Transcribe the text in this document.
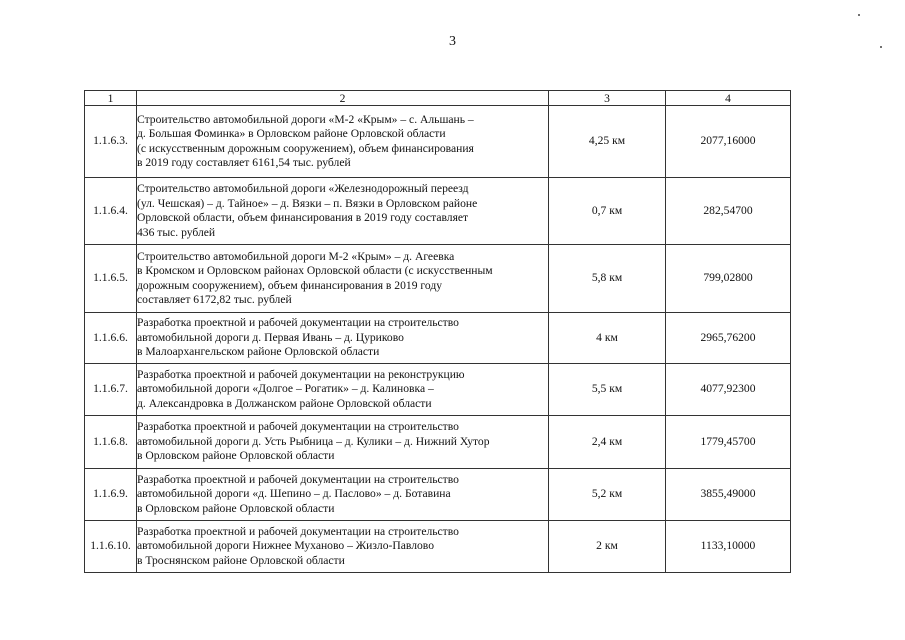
3
1	2	3	4
1.1.6.3.	Строительство автомобильной дороги «М-2 «Крым» – с. Альшань –
д. Большая Фоминка» в Орловском районе Орловской области
(с искусственным дорожным сооружением), объем финансирования
в 2019 году составляет 6161,54 тыс. рублей	4,25 км	2077,16000
1.1.6.4.	Строительство автомобильной дороги «Железнодорожный переезд
(ул. Чешская) – д. Тайное» – д. Вязки – п. Вязки в Орловском районе
Орловской области, объем финансирования в 2019 году составляет
436 тыс. рублей	0,7 км	282,54700
1.1.6.5.	Строительство автомобильной дороги М-2 «Крым» – д. Агеевка
в Кромском и Орловском районах Орловской области (с искусственным
дорожным сооружением), объем финансирования в 2019 году
составляет 6172,82 тыс. рублей	5,8 км	799,02800
1.1.6.6.	Разработка проектной и рабочей документации на строительство
автомобильной дороги д. Первая Ивань – д. Цуриково
в Малоархангельском районе Орловской области	4 км	2965,76200
1.1.6.7.	Разработка проектной и рабочей документации на реконструкцию
автомобильной дороги «Долгое – Рогатик» – д. Калиновка –
д. Александровка в Должанском районе Орловской области	5,5 км	4077,92300
1.1.6.8.	Разработка проектной и рабочей документации на строительство
автомобильной дороги д. Усть Рыбница – д. Кулики – д. Нижний Хутор
в Орловском районе Орловской области	2,4 км	1779,45700
1.1.6.9.	Разработка проектной и рабочей документации на строительство
автомобильной дороги «д. Шепино – д. Паслово» – д. Ботавина
в Орловском районе Орловской области	5,2 км	3855,49000
1.1.6.10.	Разработка проектной и рабочей документации на строительство
автомобильной дороги Нижнее Муханово – Жизло-Павлово
в Троснянском районе Орловской области	2 км	1133,10000
